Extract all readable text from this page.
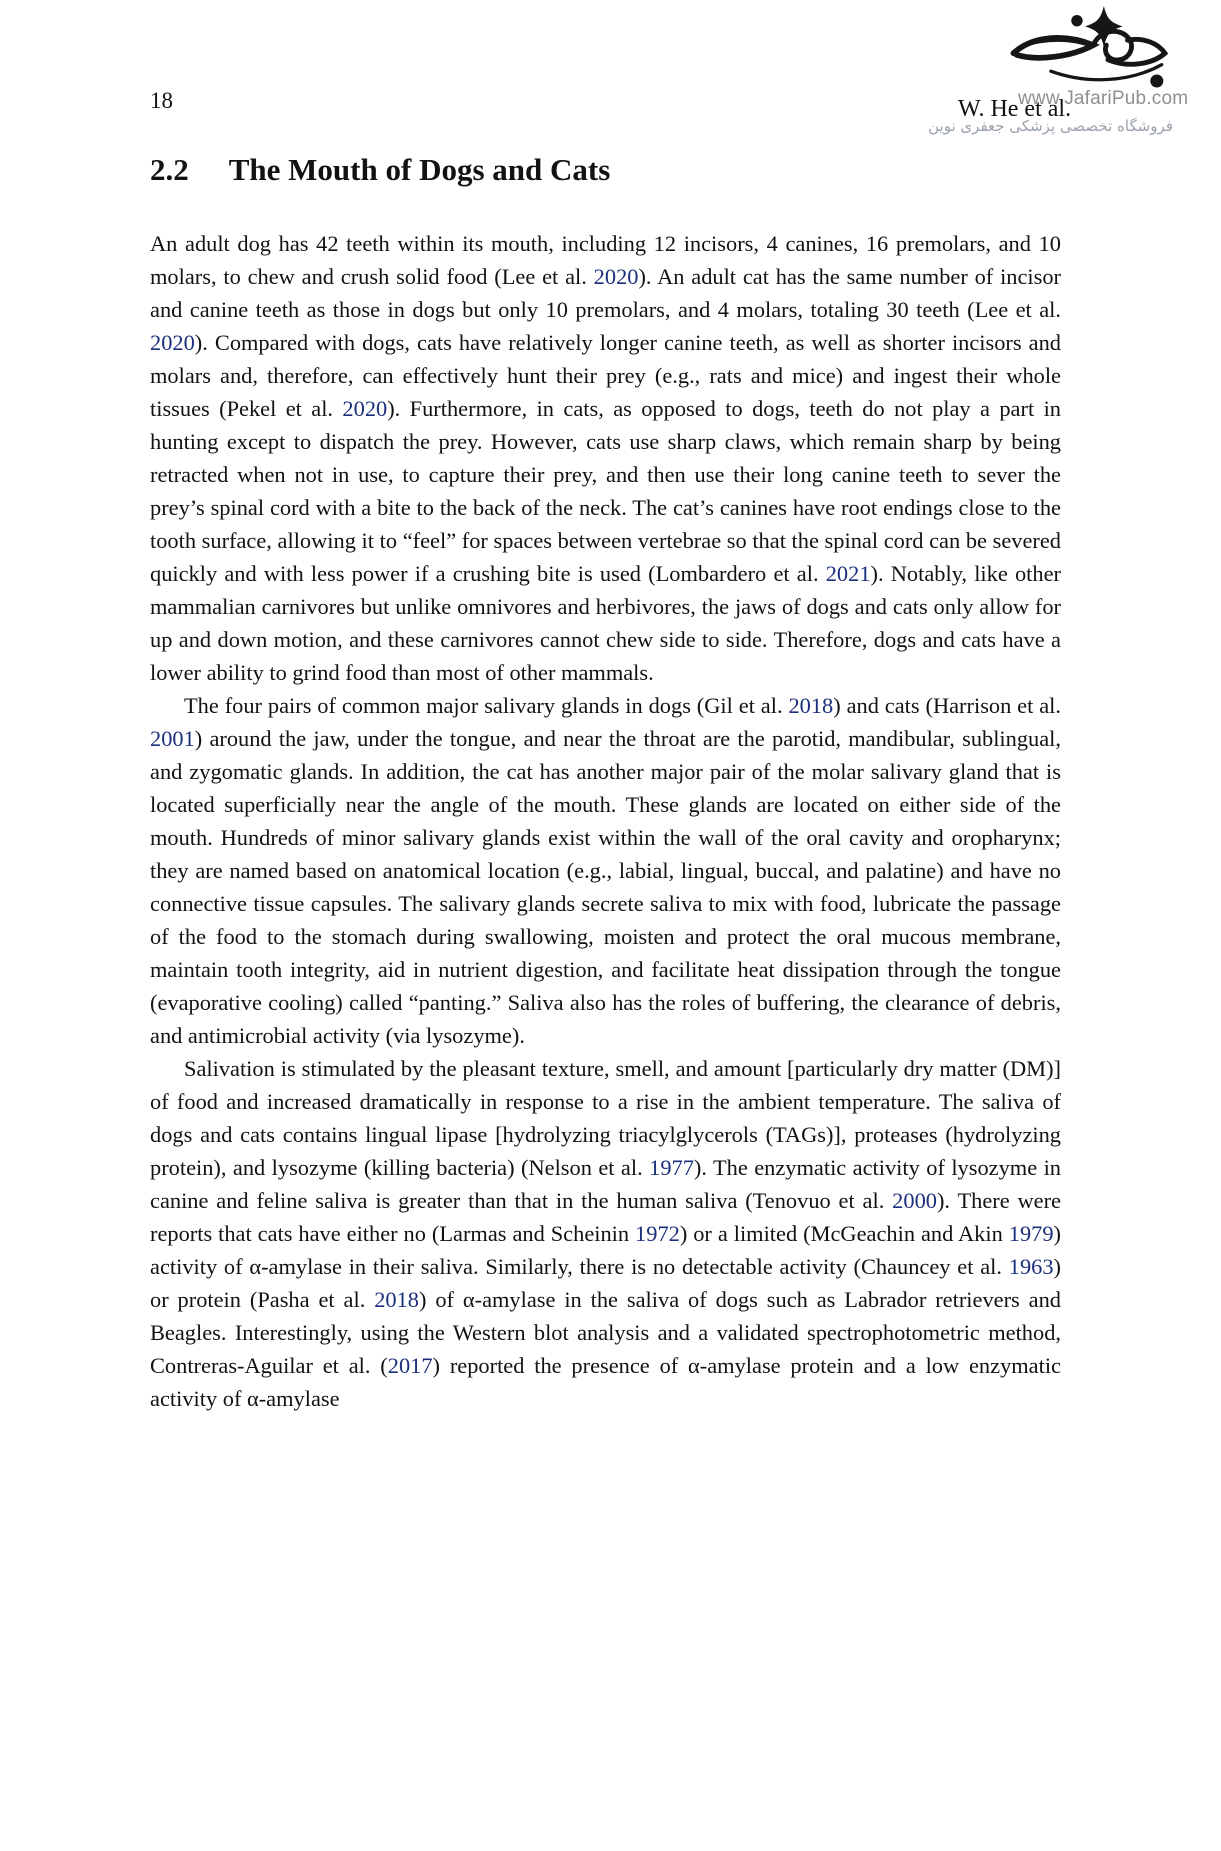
18	www.JafariPub.com
W. He et al.
فروشگاه تخصصی پزشکی جعفری نوین
2.2 The Mouth of Dogs and Cats

An adult dog has 42 teeth within its mouth, including 12 incisors, 4 canines, 16 premolars, and 10 molars, to chew and crush solid food (Lee et al. 2020). An adult cat has the same number of incisor and canine teeth as those in dogs but only 10 premolars, and 4 molars, totaling 30 teeth (Lee et al. 2020). Compared with dogs, cats have relatively longer canine teeth, as well as shorter incisors and molars and, therefore, can effectively hunt their prey (e.g., rats and mice) and ingest their whole tissues (Pekel et al. 2020). Furthermore, in cats, as opposed to dogs, teeth do not play a part in hunting except to dispatch the prey. However, cats use sharp claws, which remain sharp by being retracted when not in use, to capture their prey, and then use their long canine teeth to sever the prey’s spinal cord with a bite to the back of the neck. The cat’s canines have root endings close to the tooth surface, allowing it to “feel” for spaces between vertebrae so that the spinal cord can be severed quickly and with less power if a crushing bite is used (Lombardero et al. 2021). Notably, like other mammalian carnivores but unlike omnivores and herbivores, the jaws of dogs and cats only allow for up and down motion, and these carnivores cannot chew side to side. Therefore, dogs and cats have a lower ability to grind food than most of other mammals.

The four pairs of common major salivary glands in dogs (Gil et al. 2018) and cats (Harrison et al. 2001) around the jaw, under the tongue, and near the throat are the parotid, mandibular, sublingual, and zygomatic glands. In addition, the cat has another major pair of the molar salivary gland that is located superficially near the angle of the mouth. These glands are located on either side of the mouth. Hundreds of minor salivary glands exist within the wall of the oral cavity and oropharynx; they are named based on anatomical location (e.g., labial, lingual, buccal, and palatine) and have no connective tissue capsules. The salivary glands secrete saliva to mix with food, lubricate the passage of the food to the stomach during swallowing, moisten and protect the oral mucous membrane, maintain tooth integrity, aid in nutrient digestion, and facilitate heat dissipation through the tongue (evaporative cooling) called “panting.” Saliva also has the roles of buffering, the clearance of debris, and antimicrobial activity (via lysozyme).

Salivation is stimulated by the pleasant texture, smell, and amount [particularly dry matter (DM)] of food and increased dramatically in response to a rise in the ambient temperature. The saliva of dogs and cats contains lingual lipase [hydrolyzing triacylglycerols (TAGs)], proteases (hydrolyzing protein), and lysozyme (killing bacteria) (Nelson et al. 1977). The enzymatic activity of lysozyme in canine and feline saliva is greater than that in the human saliva (Tenovuo et al. 2000). There were reports that cats have either no (Larmas and Scheinin 1972) or a limited (McGeachin and Akin 1979) activity of α-amylase in their saliva. Similarly, there is no detectable activity (Chauncey et al. 1963) or protein (Pasha et al. 2018) of α-amylase in the saliva of dogs such as Labrador retrievers and Beagles. Interestingly, using the Western blot analysis and a validated spectrophotometric method, Contreras-Aguilar et al. (2017) reported the presence of α-amylase protein and a low enzymatic activity of α-amylase
